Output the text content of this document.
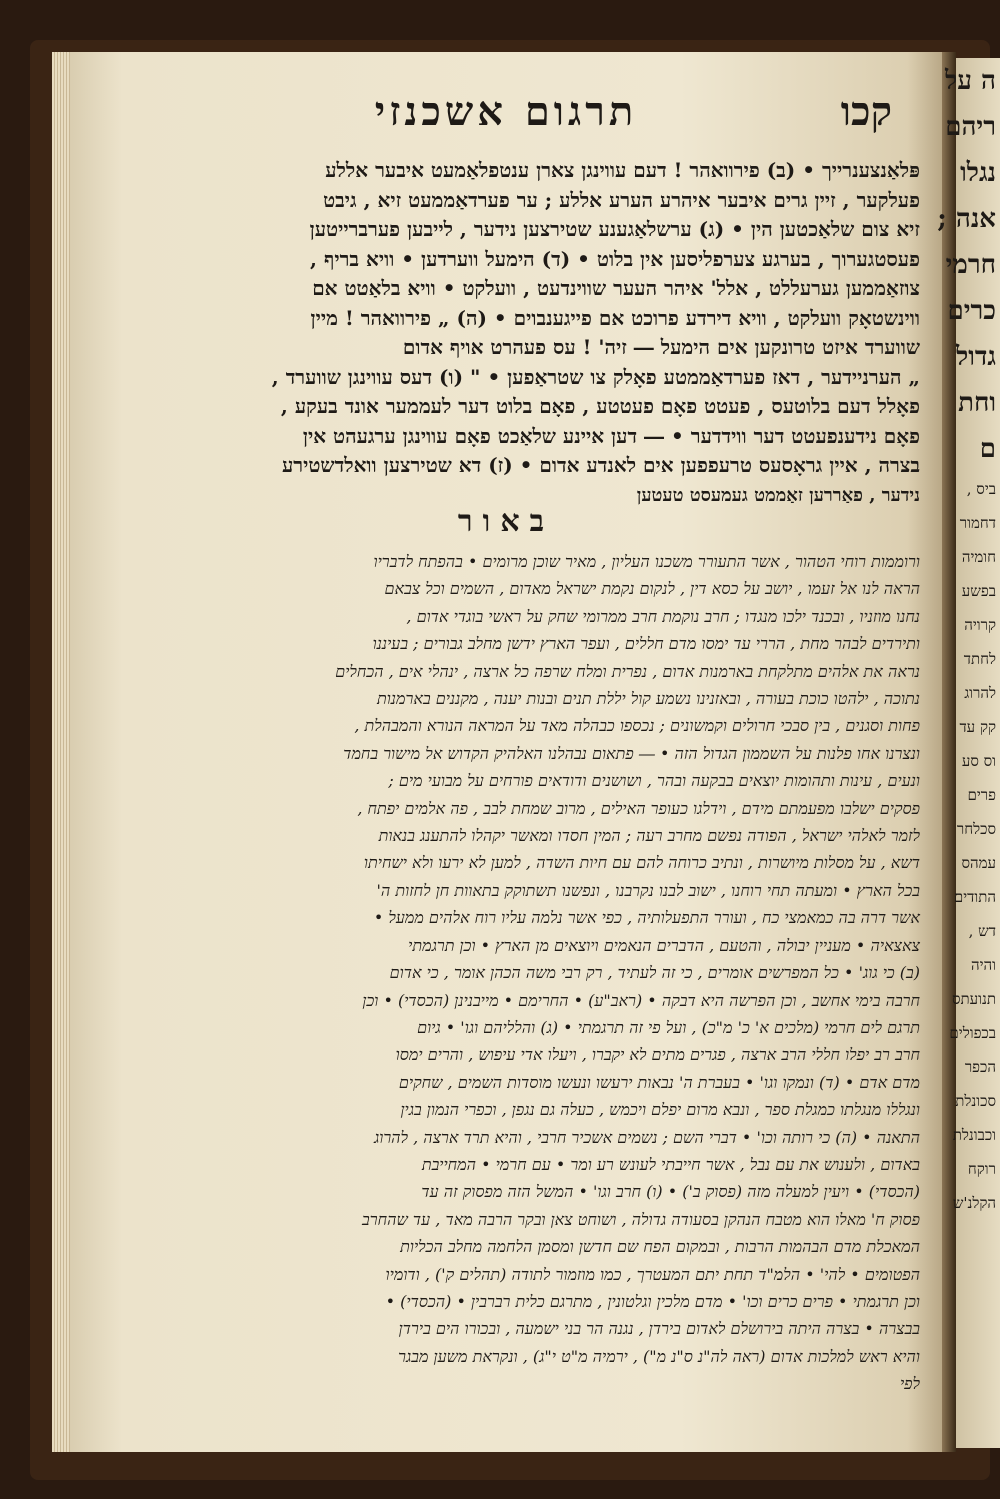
קכו
תרגום אשכנזי
פּלאַנצענרייך • (ב) פירוואהר ! דעם עווינגן צארן ענטפלאַמעט איבער אללע
פעלקער , זיין גרים איבער איהרע הערע אללע ; ער פערדאַממעט זיא , גיבט
זיא צום שלאַכטען הין • (ג) ערשלאַגענע שטירצען נידער , לייבען פערברייטען
פעסטגערוך , בערגע צערפליסען אין בלוט • (ד) הימעל ווערדען • וויא בריף ,
צוזאַממען גערעללט , אלל' איהר העער שווינדעט , וועלקט • וויא בלאַטט אם
ווינשטאָק וועלקט , וויא דירדע פרוכט אם פייגענבוים • (ה) „ פירוואהר ! מיין
שווערד איזט טרונקען אים הימעל ― זיה' ! עס פעהרט אויף אדום
„ הערניידער , דאז פערדאַממטע פאָלק צו שטראַפען • " (ו) דעס עווינגן שווערד ,
פאָלל דעם בלוטעס , פעטט פאָם פעטטע , פאָם בלוט דער לעממער אונד בעקע ,
פאָם נידענפעטט דער ווידדער • ― דען איינע שלאַכט פאָם עווינגן ערגעהט אין
בצרה , איין גראָסעס טרעפפען אים לאנדע אדום • (ז) דא שטירצען וואלדשטירע
נידער , פאַררען זאַממט געמעסט טעטען
באור
ורוממות רוחי הטהור , אשר התעורר משכנו העליון , מאיר שוכן מרומים • בהפתח לדבריו
הראה לנו אל זעמו , יושב על כסא דין , לנקום נקמת ישראל מאדום , השמים וכל צבאם
נחנו מוזניו , ובכנד ילכו מנגדו ; חרב נוקמת חרב ממרומי שחק על ראשי בוגדי אדום ,
ותירדים לבהר מחת , הררי עד ימסו מדם חללים , ועפר הארץ ידשן מחלב גבורים ; בעיננו
נראה את אלהים מתלקחת בארמנות אדום , נפרית ומלח שרפה כל ארצה , ינהלי אים , הכחלים
נתוכה , ילהטו כוכת בעורה , ובאזנינו נשמע קול יללת תנים ובנות יענה , מקננים בארמנות
פחות וסגנים , בין סבכי חרולים וקמשונים ; נכספו כבהלה מאד על המראה הנורא והמבהלת ,
ונצרנו אחו פלנות על השממון הגדול הזה • ― פתאום נבהלנו האלהיק הקדוש אל מישור בחמד
ונעים , עינות ותהומות יוצאים בבקעה ובהר , ושושנים ודודאים פורחים על מבועי מים ;
פסקים ישלבו מפעמתם מידם , וידלגו כעופר האילים , מרוב שמחת לבב , פה אלמים יפתח ,
לזמר לאלהי ישראל , הפודה נפשם מחרב רעה ; המין חסדו ומאשר יקהלו להתענג בנאות
דשא , על מסלות מיושרות , ונתיב כרוחה להם עם חיות השדה , למען לא ירעו ולא ישחיתו
בכל הארץ • ומעתה תחי רוחנו , ישוב לבנו נקרבנו , ונפשנו תשתוקק בתאוות חן לחזות ה'
אשר דרה בה כמאמצי כח , ועורר התפעלותיה , כפי אשר נלמה עליו רוח אלהים ממעל •
צאצאיה • מעניין יבולה , והטעם , הדברים הנאמים ויוצאים מן הארץ • וכן תרגמתי
(ב) כי גוג' • כל המפרשים אומרים , כי זה לעתיד , רק רבי משה הכהן אומר , כי אדום
חרבה בימי אחשב , וכן הפרשה היא דבקה • (ראב"ע) • החרימם • מייבנינן (הכסדי) • וכן
תרגם לים חרמי (מלכים א' כ' מ"כ) , ועל פי זה תרגמתי • (ג) והלליהם וגו' • גיום
חרב רב יפלו חללי הרב ארצה , פגרים מתים לא יקברו , ויעלו אדי עיפוש , והרים ימסו
מדם אדם • (ד) ונמקו וגו' • בעברת ה' נבאות ירעשו ונעשו מוסדות השמים , שחקים
ונגללו מנגלתו כמגלת ספר , ונבא מרום יפלם ויכמש , כעלה גם נגפן , וכפרי הנמון בגין
התאנה • (ה) כי רותה וכו' • דברי השם ; נשמים אשכיר חרבי , והיא תרד ארצה , להרוג
באדום , ולענוש את עם נבל , אשר חייבתי לעונש רע ומר • עם חרמי • המחייבת
(הכסדי) • ויעין למעלה מזה (פסוק ב') • (ו) חרב וגו' • המשל הזה מפסוק זה עד
פסוק ח' מאלו הוא מטבח הנהקן בסעודה גדולה , ושוחט צאן ובקר הרבה מאד , עד שהחרב
המאכלת מדם הבהמות הרבות , ובמקום הפח שם חדשן ומסמן הלחמה מחלב הכליות
הפטומים • להי' • הלמ"ד תחת יתם המעטרך , כמו מוזמור לתודה (תהלים ק') , ודומיו
וכן תרגמתי • פרים כרים וכו' • מדם מלכין וגלטונין , מתרגם כלית רברבין • (הכסדי) •
בבצרה • בצרה היתה בירושלם לאדום בירדן , נגנה הר בני ישמעה , ובכורו הים בירדן
והיא ראש למלכות אדום (ראה לה"נ ס"נ מ") , ירמיה מ"ט י"ג) , ונקראת משען מבגר
לפי
ה על
ריהם
נגלו
אנה ;
חרמי
כרים
גדול
וחת
ם
ביס ,
דחמור
חומיה
בפשע
קרויה
לחתד
להרוג
קק עד
וס סע
פרים
סכלחר
עמהס
התודים
דש ,
והיה
תנועתס
בכפולים
הכפר
סכונלת
וכבונלת
רוקח
הקלנ'ש
